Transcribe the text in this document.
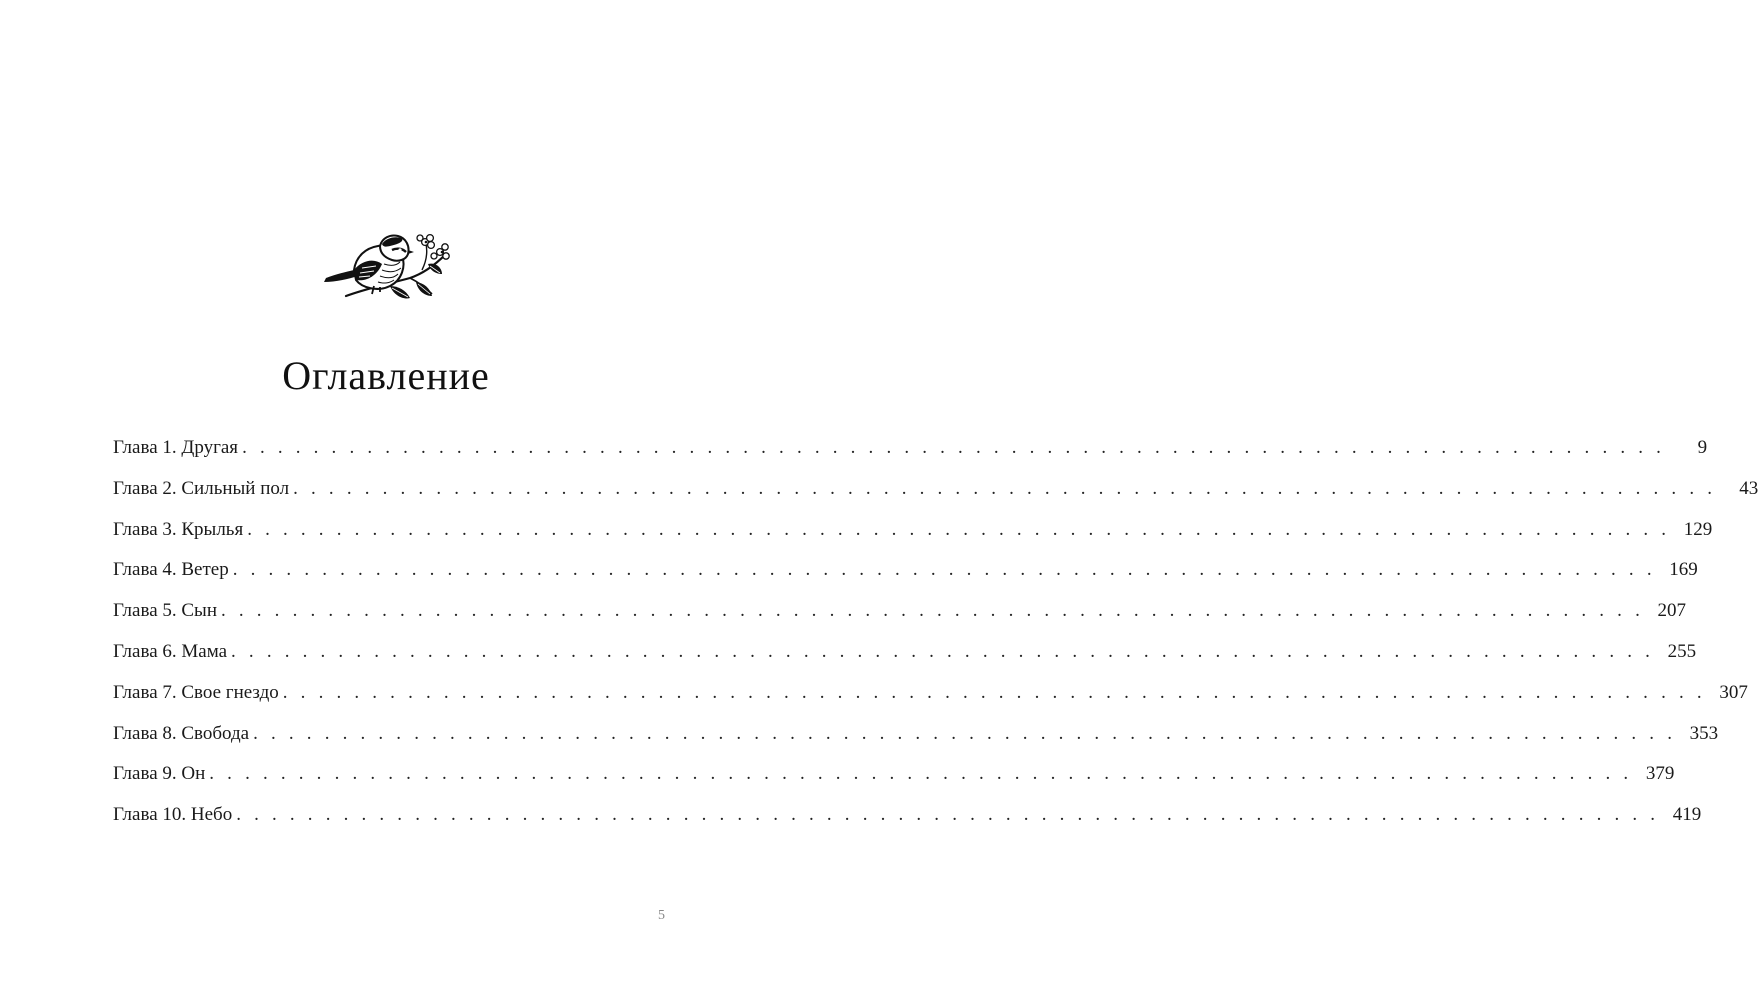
Оглавление
Глава 1. Другая . . . . . . . . . . . . . . . . . . . . . . . . . . . . . . . . . . . . . . . . . . . . . . . . . . . . . . . . . . . . . . . . . . . . . . . . . . . . . . . .	9
Глава 2. Сильный пол . . . . . . . . . . . . . . . . . . . . . . . . . . . . . . . . . . . . . . . . . . . . . . . . . . . . . . . . . . . . . . . . . . . . . . . . . . . . . . . .	43
Глава 3. Крылья . . . . . . . . . . . . . . . . . . . . . . . . . . . . . . . . . . . . . . . . . . . . . . . . . . . . . . . . . . . . . . . . . . . . . . . . . . . . . . . . 129
Глава 4. Ветер . . . . . . . . . . . . . . . . . . . . . . . . . . . . . . . . . . . . . . . . . . . . . . . . . . . . . . . . . . . . . . . . . . . . . . . . . . . . . . . . 169
Глава 5. Сын . . . . . . . . . . . . . . . . . . . . . . . . . . . . . . . . . . . . . . . . . . . . . . . . . . . . . . . . . . . . . . . . . . . . . . . . . . . . . . . . 207
Глава 6. Мама . . . . . . . . . . . . . . . . . . . . . . . . . . . . . . . . . . . . . . . . . . . . . . . . . . . . . . . . . . . . . . . . . . . . . . . . . . . . . . . . 255
Глава 7. Свое гнездо . . . . . . . . . . . . . . . . . . . . . . . . . . . . . . . . . . . . . . . . . . . . . . . . . . . . . . . . . . . . . . . . . . . . . . . . . . . . . . . . 307
Глава 8. Свобода . . . . . . . . . . . . . . . . . . . . . . . . . . . . . . . . . . . . . . . . . . . . . . . . . . . . . . . . . . . . . . . . . . . . . . . . . . . . . . . . 353
Глава 9. Он . . . . . . . . . . . . . . . . . . . . . . . . . . . . . . . . . . . . . . . . . . . . . . . . . . . . . . . . . . . . . . . . . . . . . . . . . . . . . . . . 379
Глава 10. Небо . . . . . . . . . . . . . . . . . . . . . . . . . . . . . . . . . . . . . . . . . . . . . . . . . . . . . . . . . . . . . . . . . . . . . . . . . . . . . . . . 419
5
